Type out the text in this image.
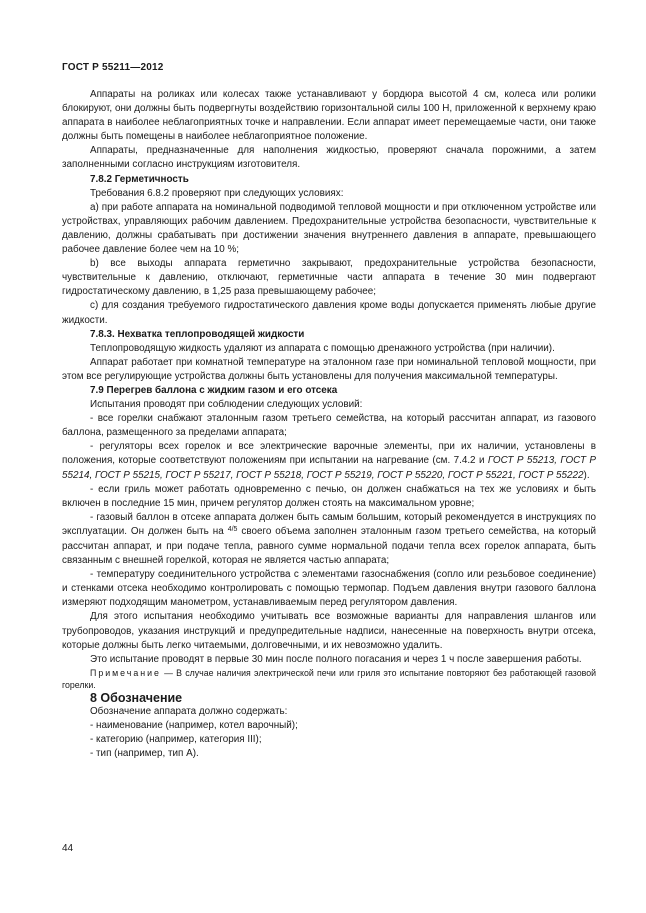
ГОСТ Р 55211—2012

Аппараты на роликах или колесах также устанавливают у бордюра высотой 4 см, колеса или ролики блокируют, они должны быть подвергнуты воздействию горизонтальной силы 100 Н, приложенной к верхнему краю аппарата в наиболее неблагоприятных точке и направлении. Если аппарат имеет перемещаемые части, они также должны быть помещены в наиболее неблагоприятное положение.

Аппараты, предназначенные для наполнения жидкостью, проверяют сначала порожними, а затем заполненными согласно инструкциям изготовителя.

7.8.2 Герметичность

Требования 6.8.2 проверяют при следующих условиях:

а) при работе аппарата на номинальной подводимой тепловой мощности и при отключенном устройстве или устройствах, управляющих рабочим давлением. Предохранительные устройства безопасности, чувствительные к давлению, должны срабатывать при достижении значения внутреннего давления в аппарате, превышающего рабочее давление более чем на 10 %;

b) все выходы аппарата герметично закрывают, предохранительные устройства безопасности, чувствительные к давлению, отключают, герметичные части аппарата в течение 30 мин подвергают гидростатическому давлению, в 1,25 раза превышающему рабочее;

с) для создания требуемого гидростатического давления кроме воды допускается применять любые другие жидкости.

7.8.3. Нехватка теплопроводящей жидкости

Теплопроводящую жидкость удаляют из аппарата с помощью дренажного устройства (при наличии).

Аппарат работает при комнатной температуре на эталонном газе при номинальной тепловой мощности, при этом все регулирующие устройства должны быть установлены для получения максимальной температуры.

7.9 Перегрев баллона с жидким газом и его отсека

Испытания проводят при соблюдении следующих условий:

- все горелки снабжают эталонным газом третьего семейства, на который рассчитан аппарат, из газового баллона, размещенного за пределами аппарата;

- регуляторы всех горелок и все электрические варочные элементы, при их наличии, установлены в положения, которые соответствуют положениям при испытании на нагревание (см. 7.4.2 и ГОСТ Р 55213, ГОСТ Р 55214, ГОСТ Р 55215, ГОСТ Р 55217, ГОСТ Р 55218, ГОСТ Р 55219, ГОСТ Р 55220, ГОСТ Р 55221, ГОСТ Р 55222).

- если гриль может работать одновременно с печью, он должен снабжаться на тех же условиях и быть включен в последние 15 мин, причем регулятор должен стоять на максимальном уровне;

- газовый баллон в отсеке аппарата должен быть самым большим, который рекомендуется в инструкциях по эксплуатации. Он должен быть на $^{4/5}$ своего объема заполнен эталонным газом третьего семейства, на который рассчитан аппарат, и при подаче тепла, равного сумме нормальной подачи тепла всех горелок аппарата, быть связанным с внешней горелкой, которая не является частью аппарата;

- температуру соединительного устройства с элементами газоснабжения (сопло или резьбовое соединение) и стенками отсека необходимо контролировать с помощью термопар. Подъем давления внутри газового баллона измеряют подходящим манометром, устанавливаемым перед регулятором давления.

Для этого испытания необходимо учитывать все возможные варианты для направления шлангов или трубопроводов, указания инструкций и предупредительные надписи, нанесенные на поверхность внутри отсека, которые должны быть легко читаемыми, долговечными, и их невозможно удалить.

Это испытание проводят в первые 30 мин после полного погасания и через 1 ч после завершения работы.

Примечание — В случае наличия электрической печи или гриля это испытание повторяют без работающей газовой горелки.

8 Обозначение

Обозначение аппарата должно содержать:

- наименование (например, котел варочный);

- категорию (например, категория III);

- тип (например, тип А).

44
